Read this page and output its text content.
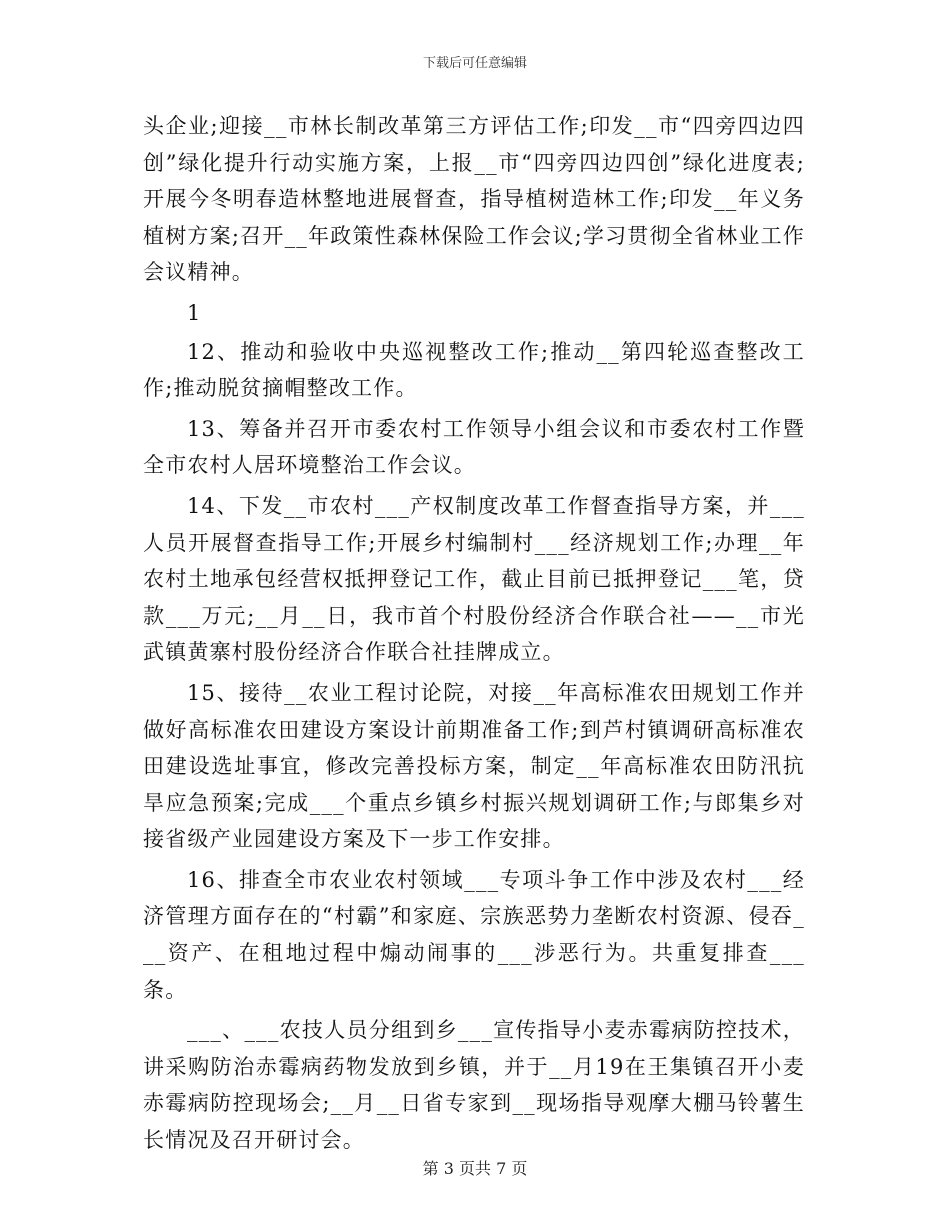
下载后可任意编辑

头企业;迎接__市林长制改革第三方评估工作;印发__市“四旁四边四创”绿化提升行动实施方案，上报__市“四旁四边四创”绿化进度表;开展今冬明春造林整地进展督查，指导植树造林工作;印发__年义务植树方案;召开__年政策性森林保险工作会议;学习贯彻全省林业工作会议精神。

1

12、推动和验收中央巡视整改工作;推动__第四轮巡查整改工作;推动脱贫摘帽整改工作。

13、筹备并召开市委农村工作领导小组会议和市委农村工作暨全市农村人居环境整治工作会议。

14、下发__市农村___产权制度改革工作督查指导方案，并___人员开展督查指导工作;开展乡村编制村___经济规划工作;办理__年农村土地承包经营权抵押登记工作，截止目前已抵押登记___笔，贷款___万元;__月__日，我市首个村股份经济合作联合社——__市光武镇黄寨村股份经济合作联合社挂牌成立。

15、接待__农业工程讨论院，对接__年高标准农田规划工作并做好高标准农田建设方案设计前期准备工作;到芦村镇调研高标准农田建设选址事宜，修改完善投标方案，制定__年高标准农田防汛抗旱应急预案;完成___个重点乡镇乡村振兴规划调研工作;与郎集乡对接省级产业园建设方案及下一步工作安排。

16、排查全市农业农村领域___专项斗争工作中涉及农村___经济管理方面存在的“村霸”和家庭、宗族恶势力垄断农村资源、侵吞___资产、在租地过程中煽动闹事的___涉恶行为。共重复排查___条。

___、___农技人员分组到乡___宣传指导小麦赤霉病防控技术，讲采购防治赤霉病药物发放到乡镇，并于__月19在王集镇召开小麦赤霉病防控现场会;__月__日省专家到__现场指导观摩大棚马铃薯生长情况及召开研讨会。

第 3 页共 7 页
